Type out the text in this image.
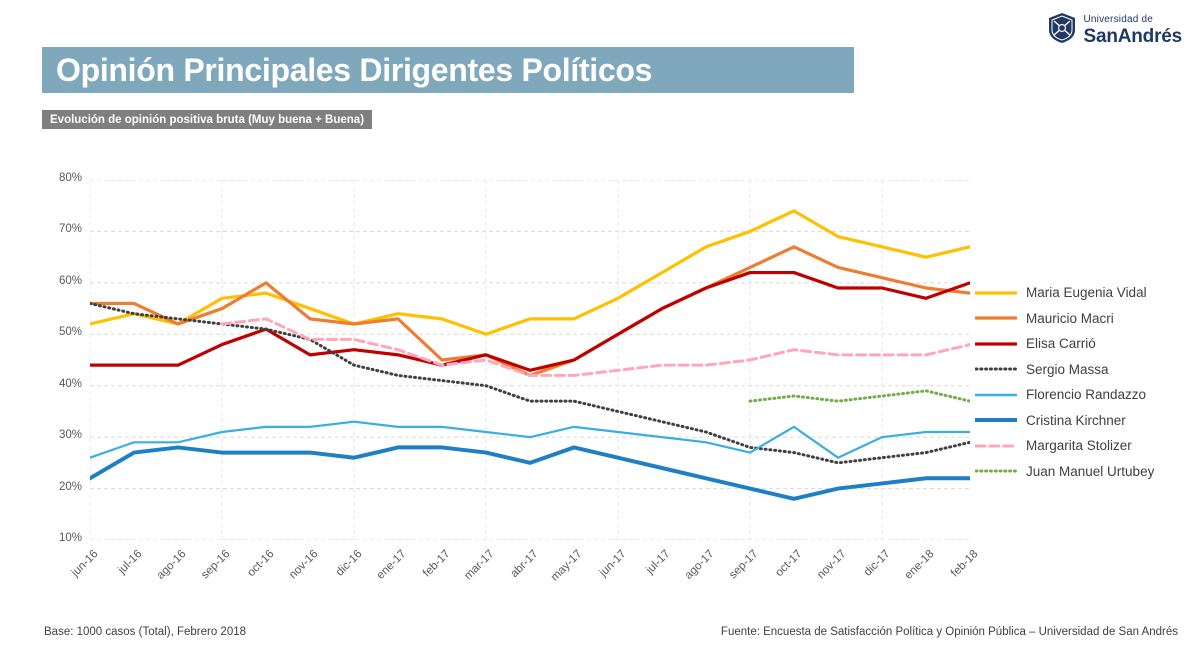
Universidad de
SanAndrés
Opinión Principales Dirigentes Políticos
Evolución de opinión positiva bruta (Muy buena + Buena)
10%
20%
30%
40%
50%
60%
70%
80%
jun-16	jul-16 ago-16 sep-16	oct-16 nov-16	dic-16 ene-17	feb-17 mar-17	abr-17 may-17	jun-17	jul-17 ago-17 sep-17	oct-17 nov-17	dic-17 ene-18	feb-18
Maria Eugenia Vidal
Mauricio Macri
Elisa Carrió
Sergio Massa
Florencio Randazzo
Cristina Kirchner
Margarita Stolizer
Juan Manuel Urtubey
Base: 1000 casos (Total), Febrero 2018	Fuente: Encuesta de Satisfacción Política y Opinión Pública – Universidad de San Andrés
